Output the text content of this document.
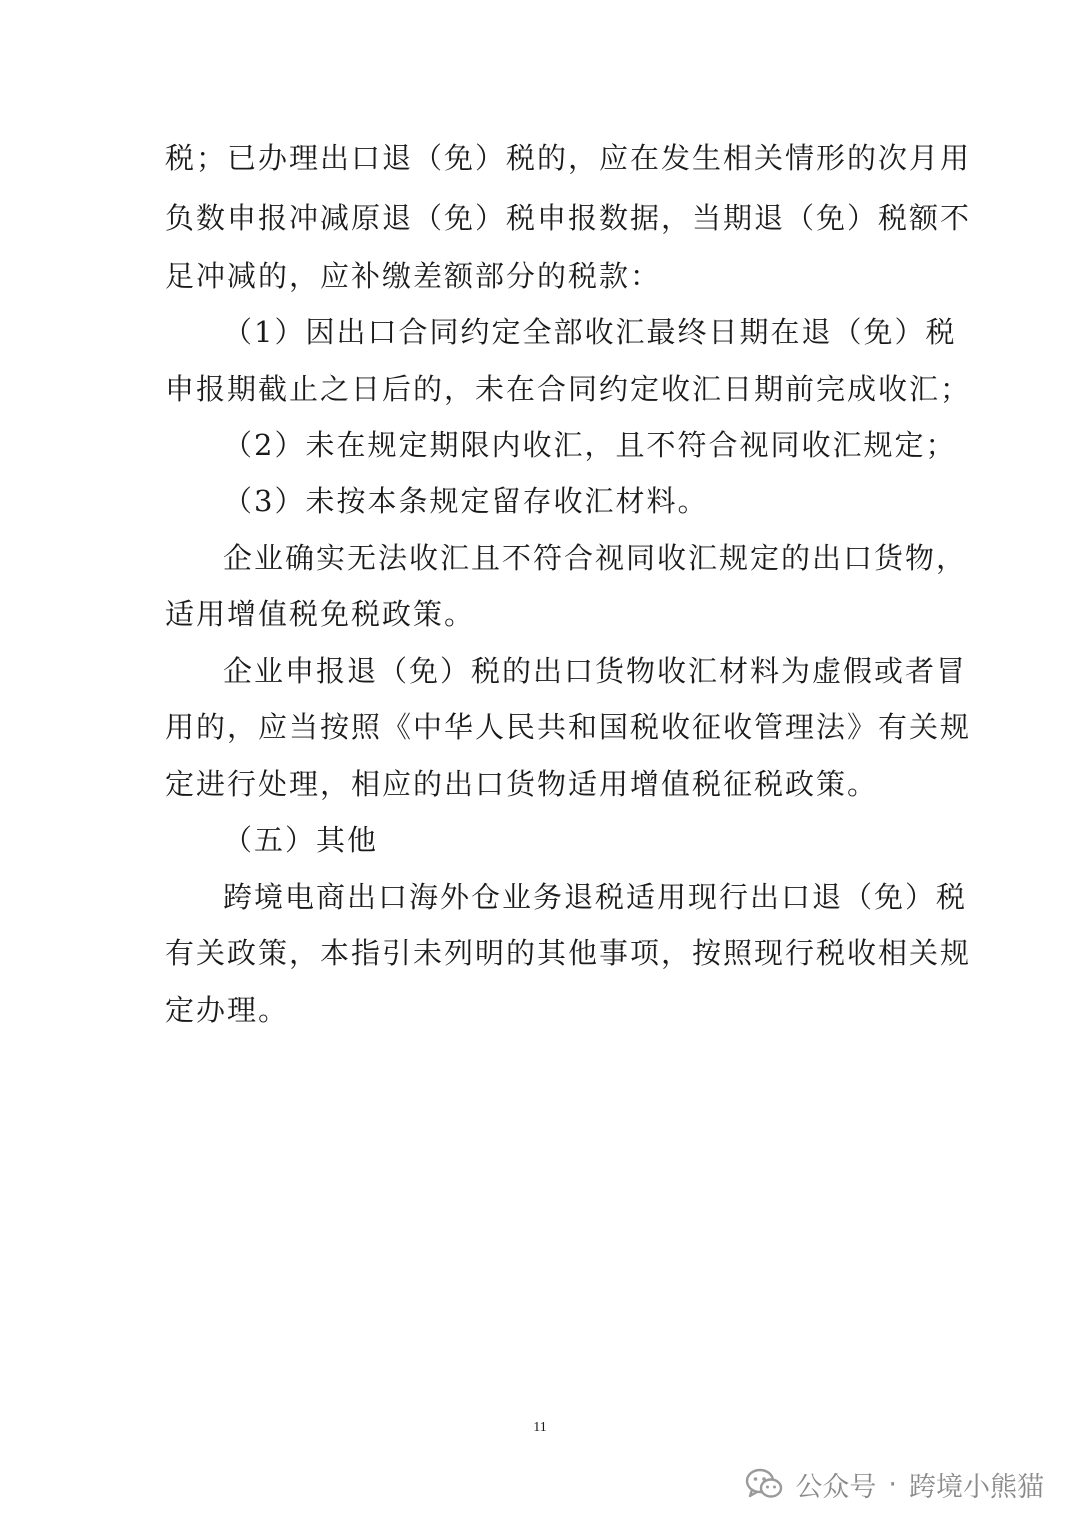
税；已办理出口退（免）税的，应在发生相关情形的次月用
负数申报冲减原退（免）税申报数据，当期退（免）税额不
足冲减的，应补缴差额部分的税款：
（1）因出口合同约定全部收汇最终日期在退（免）税
申报期截止之日后的，未在合同约定收汇日期前完成收汇；
（2）未在规定期限内收汇，且不符合视同收汇规定；
（3）未按本条规定留存收汇材料。
企业确实无法收汇且不符合视同收汇规定的出口货物，
适用增值税免税政策。
企业申报退（免）税的出口货物收汇材料为虚假或者冒
用的，应当按照《中华人民共和国税收征收管理法》有关规
定进行处理，相应的出口货物适用增值税征税政策。
（五）其他
跨境电商出口海外仓业务退税适用现行出口退（免）税
有关政策，本指引未列明的其他事项，按照现行税收相关规
定办理。
11
公众号 · 跨境小熊猫
